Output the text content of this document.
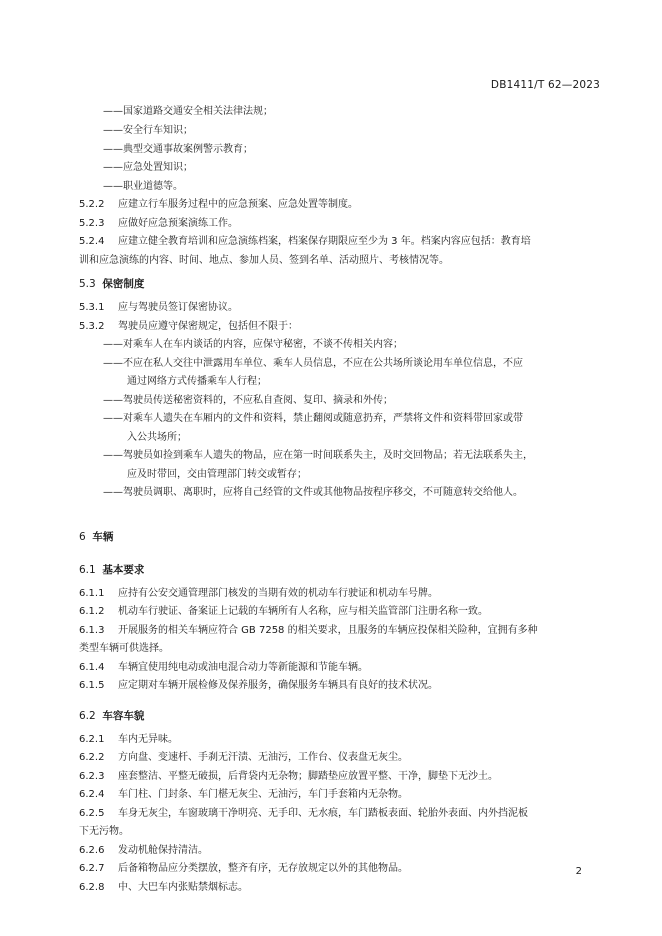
DB1411/T 62—2023
——国家道路交通安全相关法律法规；
——安全行车知识；
——典型交通事故案例警示教育；
——应急处置知识；
——职业道德等。
5.2.2 应建立行车服务过程中的应急预案、应急处置等制度。
5.2.3 应做好应急预案演练工作。
5.2.4 应建立健全教育培训和应急演练档案，档案保存期限应至少为 3 年。档案内容应包括：教育培
训和应急演练的内容、时间、地点、参加人员、签到名单、活动照片、考核情况等。
5.3 保密制度
5.3.1 应与驾驶员签订保密协议。
5.3.2 驾驶员应遵守保密规定，包括但不限于：
——对乘车人在车内谈话的内容，应保守秘密，不谈不传相关内容；
——不应在私人交往中泄露用车单位、乘车人员信息，不应在公共场所谈论用车单位信息，不应
通过网络方式传播乘车人行程；
——驾驶员传送秘密资料的，不应私自查阅、复印、摘录和外传；
——对乘车人遗失在车厢内的文件和资料，禁止翻阅或随意扔弃，严禁将文件和资料带回家或带
入公共场所；
——驾驶员如捡到乘车人遗失的物品，应在第一时间联系失主，及时交回物品；若无法联系失主，
应及时带回，交由管理部门转交或暂存；
——驾驶员调职、离职时，应将自己经管的文件或其他物品按程序移交，不可随意转交给他人。
6 车辆
6.1 基本要求
6.1.1 应持有公安交通管理部门核发的当期有效的机动车行驶证和机动车号牌。
6.1.2 机动车行驶证、备案证上记载的车辆所有人名称，应与相关监管部门注册名称一致。
6.1.3 开展服务的相关车辆应符合 GB 7258 的相关要求，且服务的车辆应投保相关险种，宜拥有多种
类型车辆可供选择。
6.1.4 车辆宜使用纯电动或油电混合动力等新能源和节能车辆。
6.1.5 应定期对车辆开展检修及保养服务，确保服务车辆具有良好的技术状况。
6.2 车容车貌
6.2.1 车内无异味。
6.2.2 方向盘、变速杆、手刹无汗渍、无油污，工作台、仪表盘无灰尘。
6.2.3 座套整洁、平整无破损，后背袋内无杂物；脚踏垫应放置平整、干净，脚垫下无沙土。
6.2.4 车门柱、门封条、车门椹无灰尘、无油污，车门手套箱内无杂物。
6.2.5 车身无灰尘，车窗玻璃干净明亮、无手印、无水痕，车门踏板表面、轮胎外表面、内外挡泥板
下无污物。
6.2.6 发动机舱保持清洁。
6.2.7 后备箱物品应分类摆放，整齐有序，无存放规定以外的其他物品。
6.2.8 中、大巴车内张贴禁烟标志。
2
